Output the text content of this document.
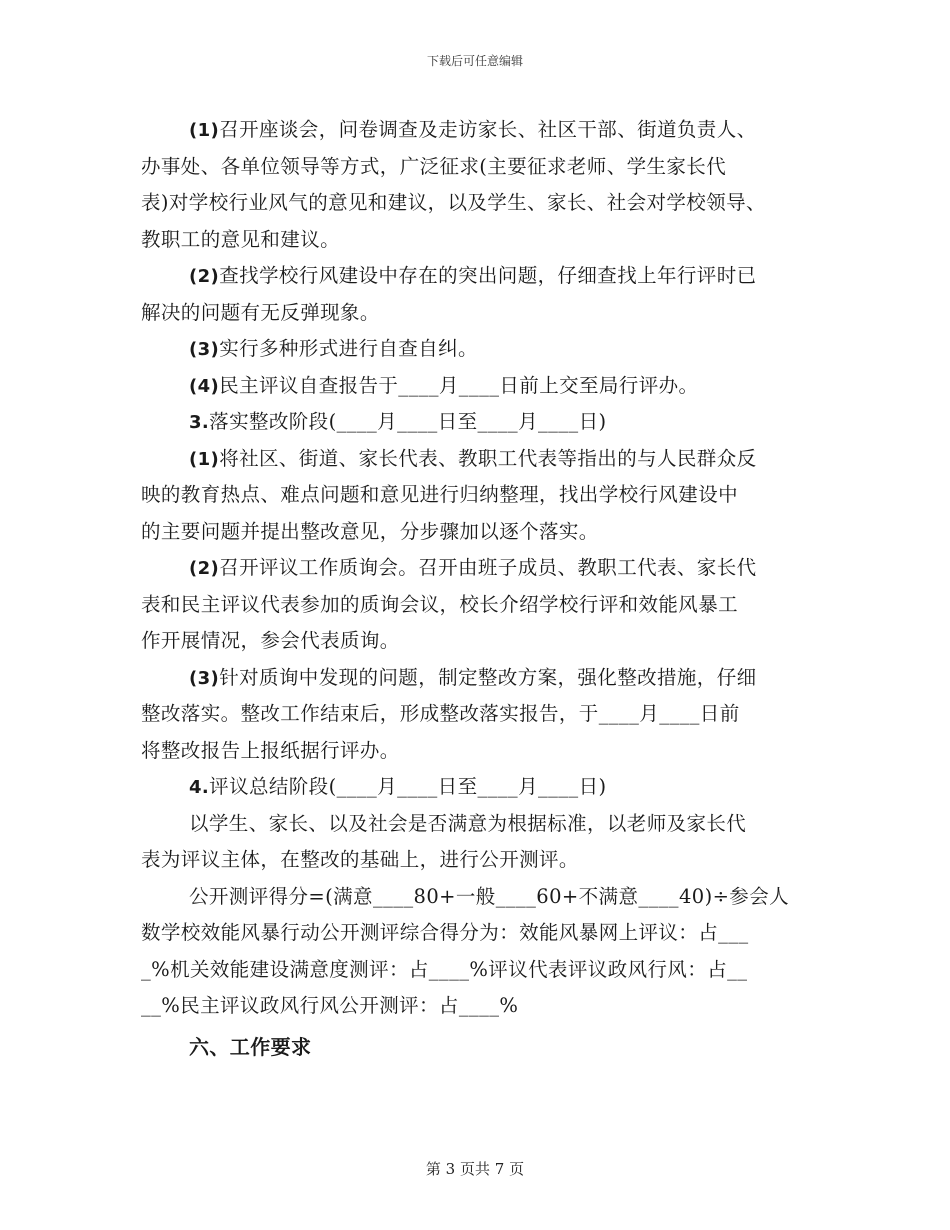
下载后可任意编辑
(1)召开座谈会，问卷调查及走访家长、社区干部、街道负责人、
办事处、各单位领导等方式，广泛征求(主要征求老师、学生家长代
表)对学校行业风气的意见和建议，以及学生、家长、社会对学校领导、
教职工的意见和建议。
(2)查找学校行风建设中存在的突出问题，仔细查找上年行评时已
解决的问题有无反弹现象。
(3)实行多种形式进行自查自纠。
(4)民主评议自查报告于____月____日前上交至局行评办。
3.落实整改阶段(____月____日至____月____日)
(1)将社区、街道、家长代表、教职工代表等指出的与人民群众反
映的教育热点、难点问题和意见进行归纳整理，找出学校行风建设中
的主要问题并提出整改意见，分步骤加以逐个落实。
(2)召开评议工作质询会。召开由班子成员、教职工代表、家长代
表和民主评议代表参加的质询会议，校长介绍学校行评和效能风暴工
作开展情况，参会代表质询。
(3)针对质询中发现的问题，制定整改方案，强化整改措施，仔细
整改落实。整改工作结束后，形成整改落实报告，于____月____日前
将整改报告上报纸据行评办。
4.评议总结阶段(____月____日至____月____日)
以学生、家长、以及社会是否满意为根据标准，以老师及家长代
表为评议主体，在整改的基础上，进行公开测评。
公开测评得分=(满意____80+一般____60+不满意____40)÷参会人
数学校效能风暴行动公开测评综合得分为：效能风暴网上评议：占___
_%机关效能建设满意度测评：占____%评议代表评议政风行风：占__
__%民主评议政风行风公开测评：占____%
六、工作要求
第 3 页共 7 页
